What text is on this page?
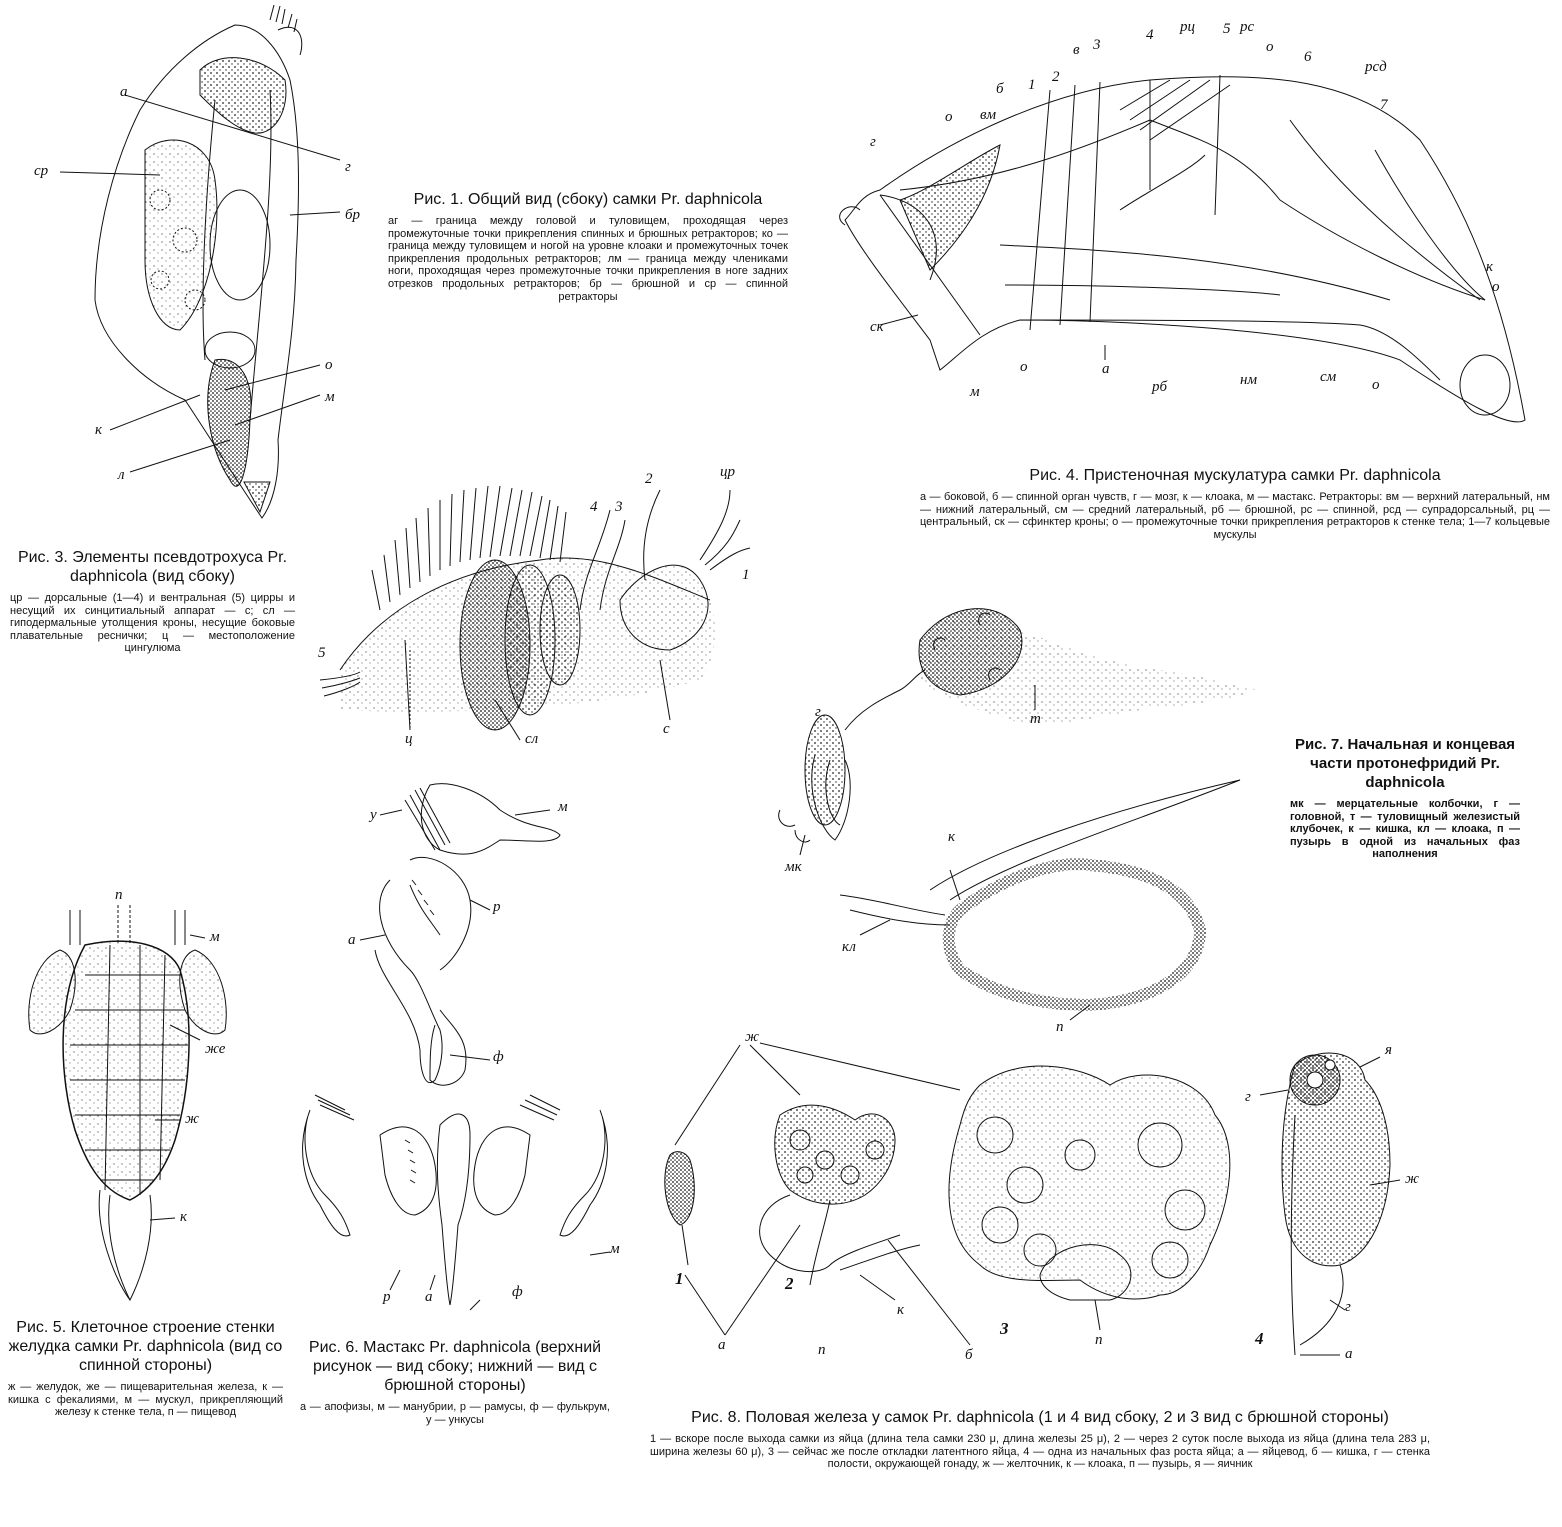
а
г
ср
бр
о
к
м
л
Рис. 1. Общий вид (сбоку) самки Pr. daphnicola
аг — граница между головой и туловищем, проходящая через промежуточные точки прикрепления спинных и брюшных ретракторов; ко — граница между туловищем и ногой на уровне клоаки и промежуточных точек прикрепления продольных ретракторов; лм — граница между члениками ноги, проходящая через промежуточные точки прикрепления в ноге задних отрезков продольных ретракторов; бр — брюшной и ср — спинной ретракторы
о вм
б 1 2
в 3
4 рц 5 рс
о
6
рсд
7
г
к
о
ск
м
о	а
рб	нм	см о
Рис. 4. Пристеночная мускулатура самки Pr. daphnicola
а — боковой, б — спинной орган чувств, г — мозг, к — клоака, м — мастакс. Ретракторы: вм — верхний латеральный, нм — нижний латеральный, см — средний латеральный, рб — брюшной, рс — спинной, рсд — супрадорсальный, рц — центральный, ск — сфинктер кроны; о — промежуточные точки прикрепления ретракторов к стенке тела; 1—7 кольцевые мускулы
цр
2
3
4
1
5
ц	сл
с
Рис. 3. Элементы псевдотроxуса Pr. daphnicola (вид сбоку)
цр — дорсальные (1—4) и вентральная (5) цирры и несущий их синцитиальный аппарат — с; сл — гиподермальные утолщения кроны, несущие боковые плавательные реснички; ц — местоположение цингулюма
г	т
мк
к
кл
п
Рис. 7. Начальная и концевая части протонефридий Pr. daphnicola
мк — мерцательные колбочки, г — головной, т — туловищный железистый клубочек, к — кишка, кл — клоака, п — пузырь в одной из начальных фаз наполнения
у	м
р
а
ф
м
р а	ф
Рис. 6. Мастакс Pr. daphnicola (верхний рисунок — вид сбоку; нижний — вид с брюшной стороны)
а — апофизы, м — манубрии, р — рамусы, ф — фулькрум, у — ункусы
п
м
же
ж
к
Рис. 5. Клеточное строение стенки желудка самки Pr. daphnicola (вид со спинной стороны)
ж — желудок, же — пищеварительная железа, к — кишка с фекалиями, м — мускул, прикрепляющий железу к стенке тела, п — пищевод
ж
1	2
3
4
а	п
к
б
п
я
г
ж
г
а
Рис. 8. Половая железа у самок Pr. daphnicola (1 и 4 вид сбоку, 2 и 3 вид с брюшной стороны)
1 — вскоре после выхода самки из яйца (длина тела самки 230 μ, длина железы 25 μ), 2 — через 2 суток после выхода из яйца (длина тела 283 μ, ширина железы 60 μ), 3 — сейчас же после откладки латентного яйца, 4 — одна из начальных фаз роста яйца; а — яйцевод, б — кишка, г — стенка полости, окружающей гонаду, ж — желточник, к — клоака, п — пузырь, я — яичник
